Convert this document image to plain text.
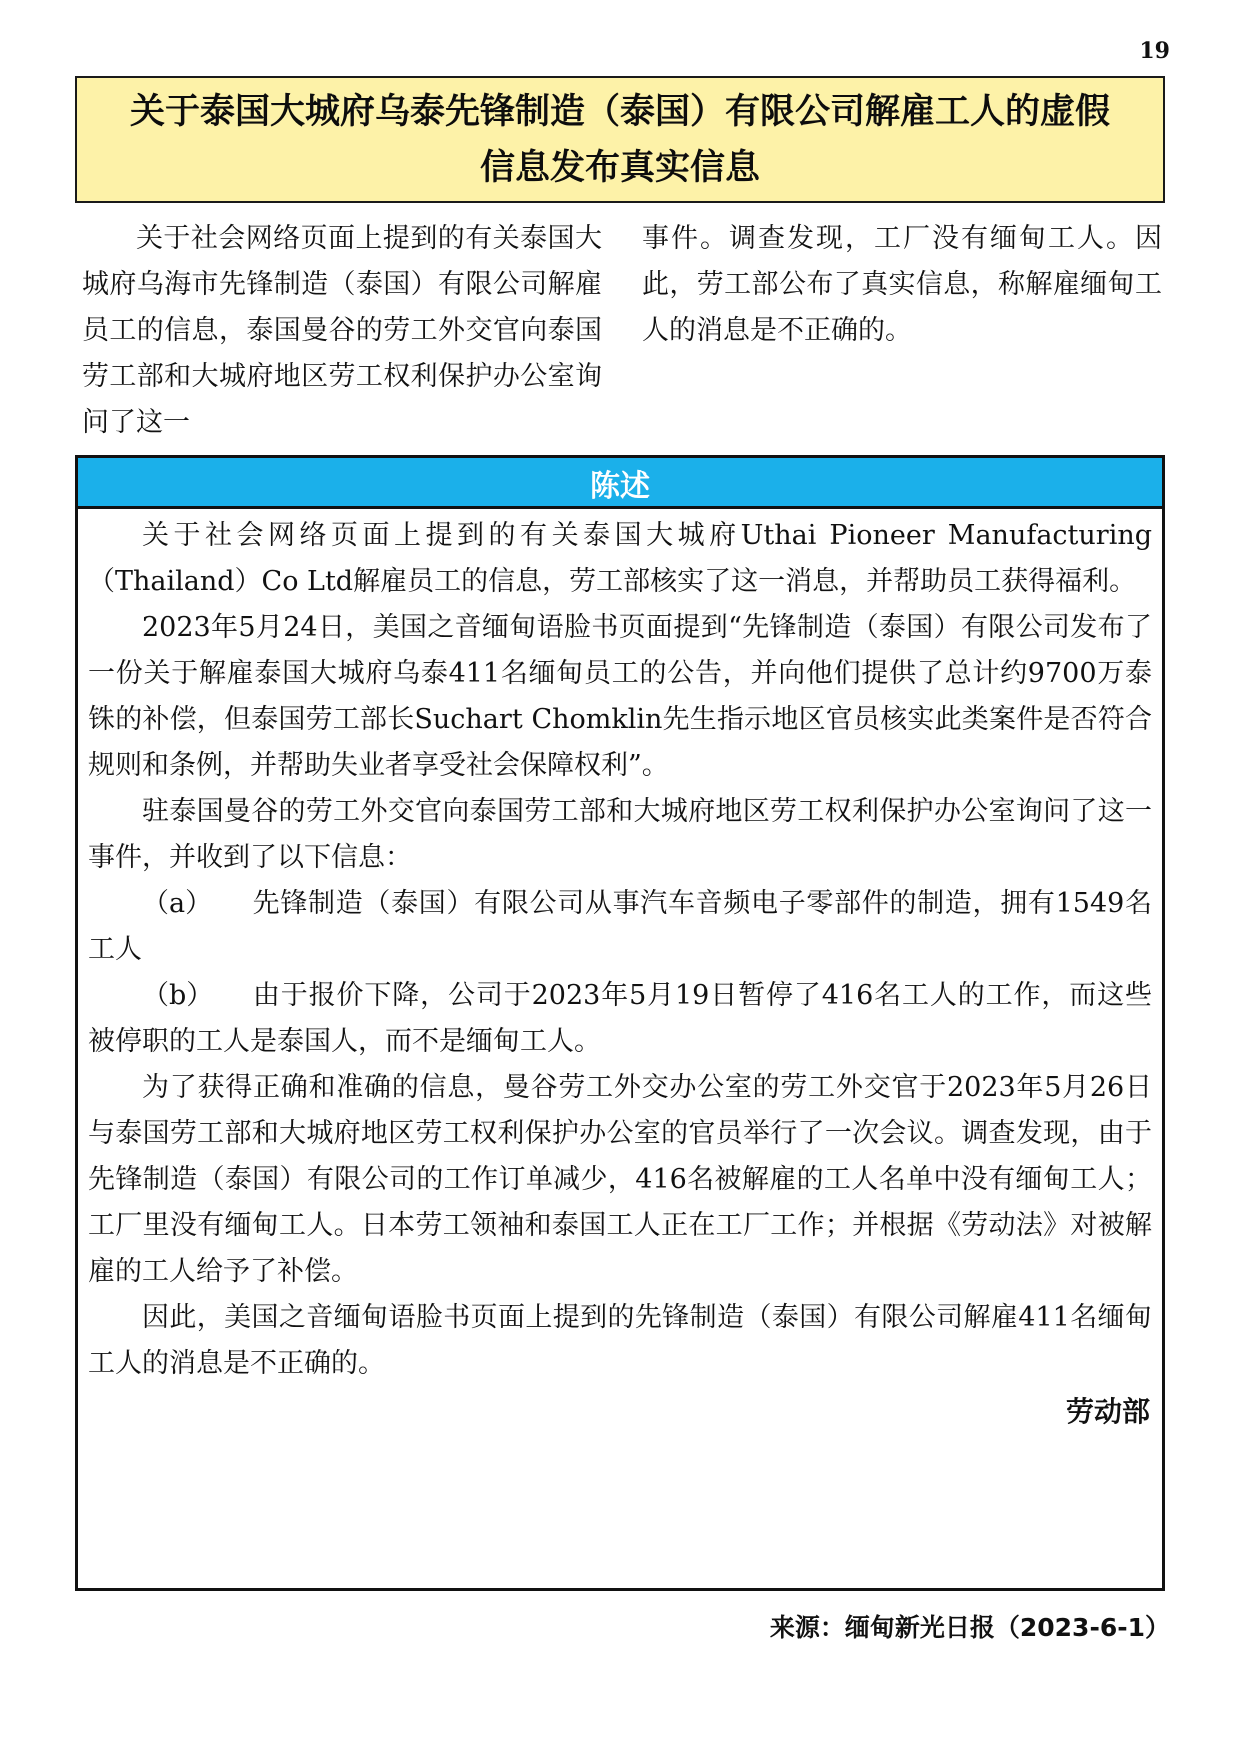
19
关于泰国大城府乌泰先锋制造（泰国）有限公司解雇工人的虚假
信息发布真实信息

关于社会网络页面上提到的有关泰国大城府乌海市先锋制造（泰国）有限公司解雇员工的信息，泰国曼谷的劳工外交官向泰国劳工部和大城府地区劳工权利保护办公室询问了这一

事件。调查发现，工厂没有缅甸工人。因此，劳工部公布了真实信息，称解雇缅甸工人的消息是不正确的。

陈述

关于社会网络页面上提到的有关泰国大城府Uthai Pioneer Manufacturing（Thailand）Co Ltd解雇员工的信息，劳工部核实了这一消息，并帮助员工获得福利。

2023年5月24日，美国之音缅甸语脸书页面提到“先锋制造（泰国）有限公司发布了一份关于解雇泰国大城府乌泰411名缅甸员工的公告，并向他们提供了总计约9700万泰铢的补偿，但泰国劳工部长Suchart Chomklin先生指示地区官员核实此类案件是否符合规则和条例，并帮助失业者享受社会保障权利”。

驻泰国曼谷的劳工外交官向泰国劳工部和大城府地区劳工权利保护办公室询问了这一事件，并收到了以下信息：

（a） 先锋制造（泰国）有限公司从事汽车音频电子零部件的制造，拥有1549名工人

（b） 由于报价下降，公司于2023年5月19日暂停了416名工人的工作，而这些被停职的工人是泰国人，而不是缅甸工人。

为了获得正确和准确的信息，曼谷劳工外交办公室的劳工外交官于2023年5月26日与泰国劳工部和大城府地区劳工权利保护办公室的官员举行了一次会议。调查发现，由于先锋制造（泰国）有限公司的工作订单减少，416名被解雇的工人名单中没有缅甸工人；工厂里没有缅甸工人。日本劳工领袖和泰国工人正在工厂工作；并根据《劳动法》对被解雇的工人给予了补偿。

因此，美国之音缅甸语脸书页面上提到的先锋制造（泰国）有限公司解雇411名缅甸工人的消息是不正确的。

劳动部
来源：缅甸新光日报（2023-6-1）
